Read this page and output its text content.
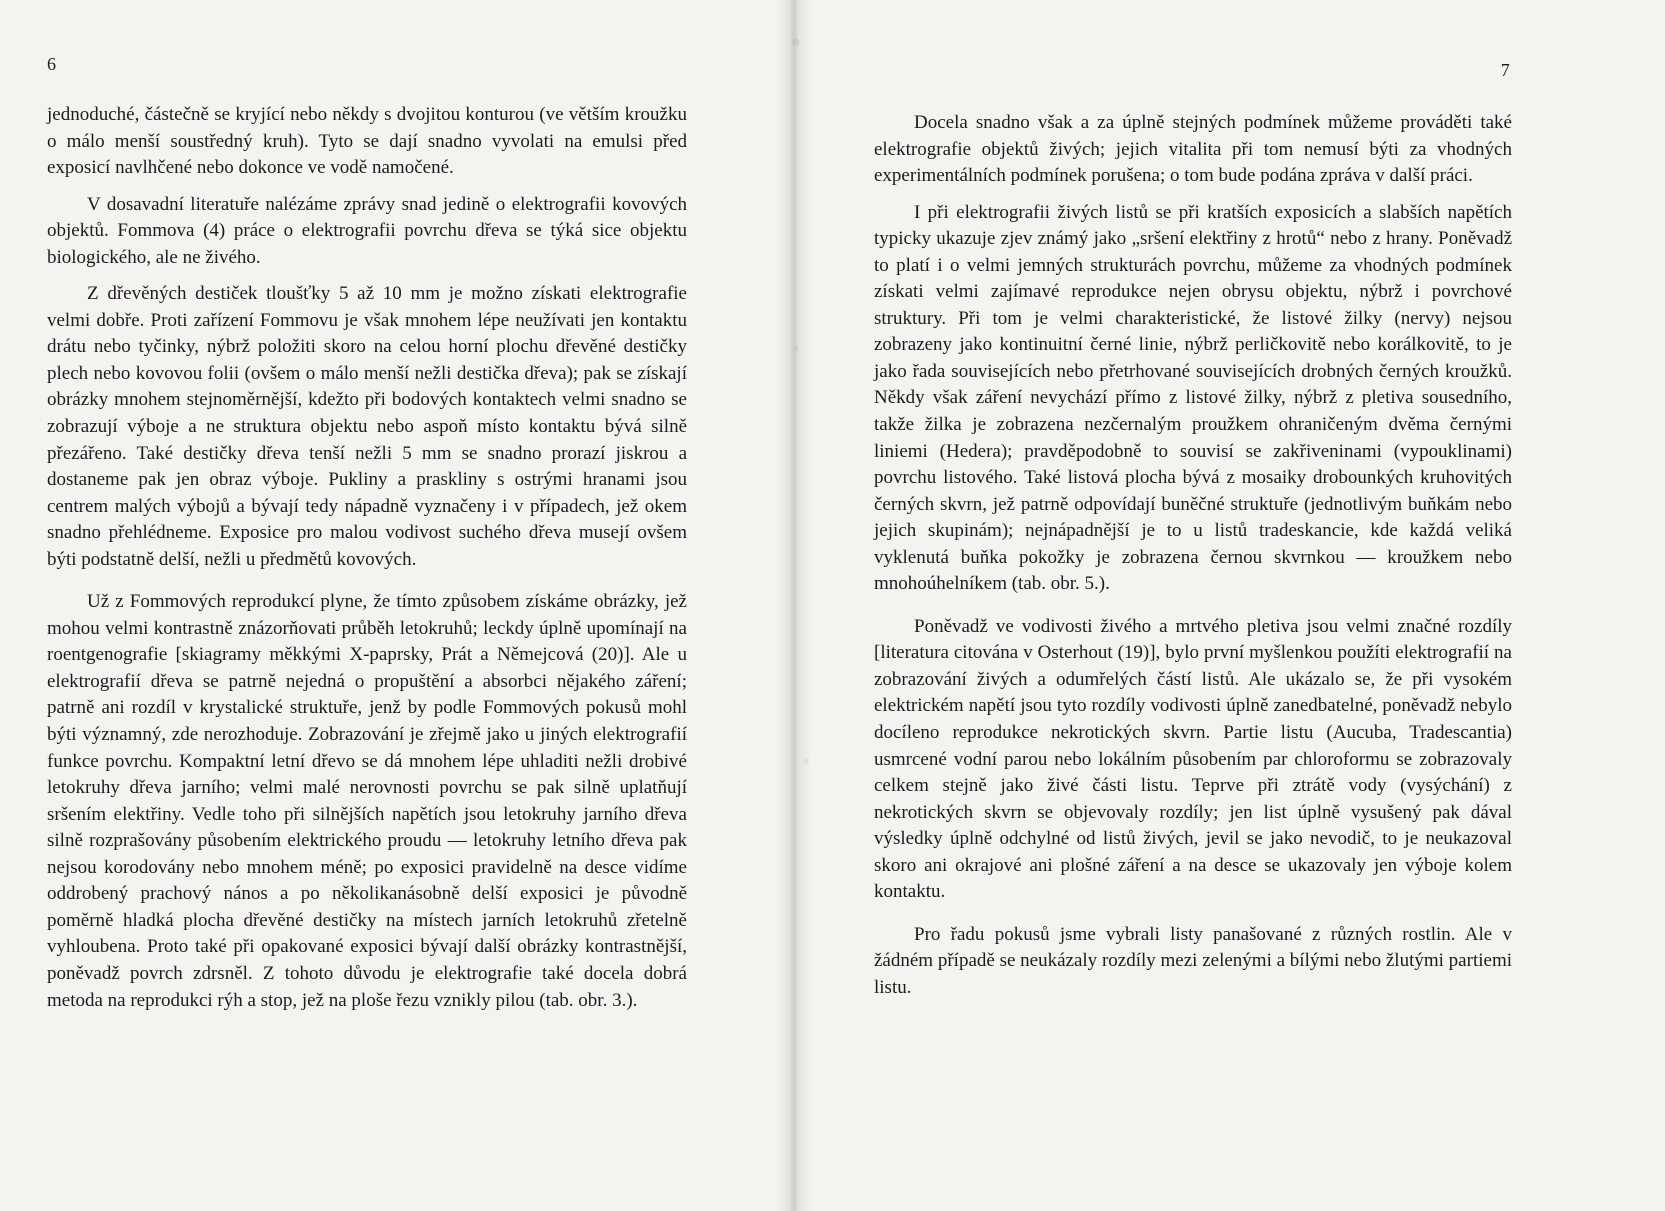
6

jednoduché, částečně se kryjící nebo někdy s dvojitou konturou (ve větším kroužku o málo menší soustředný kruh). Tyto se dají snadno vyvolati na emulsi před exposicí navlhčené nebo dokonce ve vodě namočené.

V dosavadní literatuře nalézáme zprávy snad jedině o elektrografii kovových objektů. Fommova (4) práce o elektrografii povrchu dřeva se týká sice objektu biologického, ale ne živého.

Z dřevěných destiček tloušťky 5 až 10 mm je možno získati elektrografie velmi dobře. Proti zařízení Fommovu je však mnohem lépe neužívati jen kontaktu drátu nebo tyčinky, nýbrž položiti skoro na celou horní plochu dřevěné destičky plech nebo kovovou folii (ovšem o málo menší nežli destička dřeva); pak se získají obrázky mnohem stejnoměrnější, kdežto při bodových kontaktech velmi snadno se zobrazují výboje a ne struktura objektu nebo aspoň místo kontaktu bývá silně přezářeno. Také destičky dřeva tenší nežli 5 mm se snadno prorazí jiskrou a dostaneme pak jen obraz výboje. Pukliny a praskliny s ostrými hranami jsou centrem malých výbojů a bývají tedy nápadně vyznačeny i v případech, jež okem snadno přehlédneme. Exposice pro malou vodivost suchého dřeva musejí ovšem býti podstatně delší, nežli u předmětů kovových.

Už z Fommových reprodukcí plyne, že tímto způsobem získáme obrázky, jež mohou velmi kontrastně znázorňovati průběh letokruhů; leckdy úplně upomínají na roentgenografie [skiagramy měkkými X-paprsky, Prát a Němejcová (20)]. Ale u elektrografií dřeva se patrně nejedná o propuštění a absorbci nějakého záření; patrně ani rozdíl v krystalické struktuře, jenž by podle Fommových pokusů mohl býti významný, zde nerozhoduje. Zobrazování je zřejmě jako u jiných elektrografií funkce povrchu. Kompaktní letní dřevo se dá mnohem lépe uhladiti nežli drobivé letokruhy dřeva jarního; velmi malé nerovnosti povrchu se pak silně uplatňují sršením elektřiny. Vedle toho při silnějších napětích jsou letokruhy jarního dřeva silně rozprašovány působením elektrického proudu — letokruhy letního dřeva pak nejsou korodovány nebo mnohem méně; po exposici pravidelně na desce vidíme oddrobený prachový nános a po několikanásobně delší exposici je původně poměrně hladká plocha dřevěné destičky na místech jarních letokruhů zřetelně vyhloubena. Proto také při opakované exposici bývají další obrázky kontrastnější, poněvadž povrch zdrsněl. Z tohoto důvodu je elektrografie také docela dobrá metoda na reprodukci rýh a stop, jež na ploše řezu vznikly pilou (tab. obr. 3.).

7

Docela snadno však a za úplně stejných podmínek můžeme prováděti také elektrografie objektů živých; jejich vitalita při tom nemusí býti za vhodných experimentálních podmínek porušena; o tom bude podána zpráva v další práci.

I při elektrografii živých listů se při kratších exposicích a slabších napětích typicky ukazuje zjev známý jako „sršení elektřiny z hrotů“ nebo z hrany. Poněvadž to platí i o velmi jemných strukturách povrchu, můžeme za vhodných podmínek získati velmi zajímavé reprodukce nejen obrysu objektu, nýbrž i povrchové struktury. Při tom je velmi charakteristické, že listové žilky (nervy) nejsou zobrazeny jako kontinuitní černé linie, nýbrž perličkovitě nebo korálkovitě, to je jako řada souvisejících nebo přetrhované souvisejících drobných černých kroužků. Někdy však záření nevychází přímo z listové žilky, nýbrž z pletiva sousedního, takže žilka je zobrazena nezčernalým proužkem ohraničeným dvěma černými liniemi (Hedera); pravděpodobně to souvisí se zakřiveninami (vypouklinami) povrchu listového. Také listová plocha bývá z mosaiky drobounkých kruhovitých černých skvrn, jež patrně odpovídají buněčné struktuře (jednotlivým buňkám nebo jejich skupinám); nejnápadnější je to u listů tradeskancie, kde každá veliká vyklenutá buňka pokožky je zobrazena černou skvrnkou — kroužkem nebo mnohoúhelníkem (tab. obr. 5.).

Poněvadž ve vodivosti živého a mrtvého pletiva jsou velmi značné rozdíly [literatura citována v Osterhout (19)], bylo první myšlenkou použíti elektrografií na zobrazování živých a odumřelých částí listů. Ale ukázalo se, že při vysokém elektrickém napětí jsou tyto rozdíly vodivosti úplně zanedbatelné, poněvadž nebylo docíleno reprodukce nekrotických skvrn. Partie listu (Aucuba, Tradescantia) usmrcené vodní parou nebo lokálním působením par chloroformu se zobrazovaly celkem stejně jako živé části listu. Teprve při ztrátě vody (vysýchání) z nekrotických skvrn se objevovaly rozdíly; jen list úplně vysušený pak dával výsledky úplně odchylné od listů živých, jevil se jako nevodič, to je neukazoval skoro ani okrajové ani plošné záření a na desce se ukazovaly jen výboje kolem kontaktu.

Pro řadu pokusů jsme vybrali listy panašované z různých rostlin. Ale v žádném případě se neukázaly rozdíly mezi zelenými a bílými nebo žlutými partiemi listu.
